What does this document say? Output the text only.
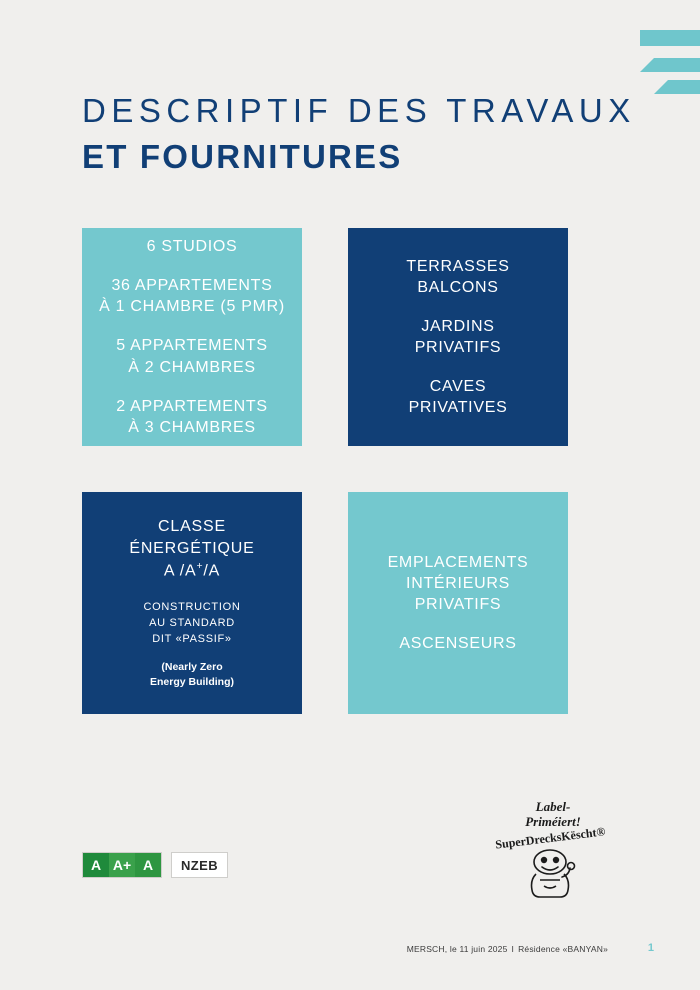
DESCRIPTIF DES TRAVAUX
ET FOURNITURES
6 STUDIOS
36 APPARTEMENTS
À 1 CHAMBRE (5 PMR)
5 APPARTEMENTS
À 2 CHAMBRES
2 APPARTEMENTS
À 3 CHAMBRES
TERRASSES
BALCONS
JARDINS
PRIVATIFS
CAVES
PRIVATIVES
CLASSE
ÉNERGÉTIQUE
A /A+/A
CONSTRUCTION
AU STANDARD
DIT «PASSIF»
(Nearly Zero
Energy Building)
EMPLACEMENTS
INTÉRIEURS
PRIVATIFS
ASCENSEURS
A A+ A	NZEB
Label-
Priméiert!
SuperDrecksKëscht®
MERSCH, le 11 juin 2025 I Résidence «BANYAN»	1
